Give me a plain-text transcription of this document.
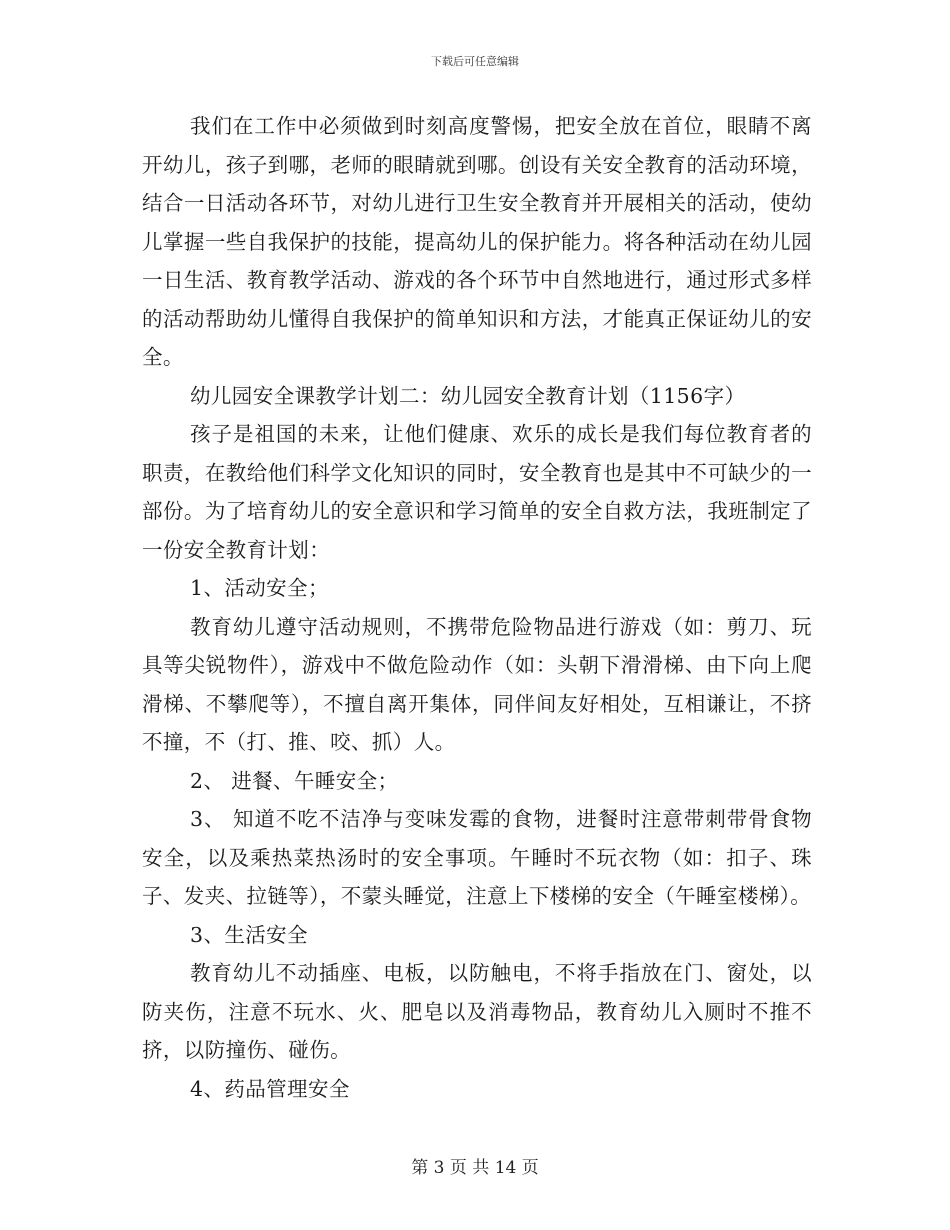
下载后可任意编辑

我们在工作中必须做到时刻高度警惕，把安全放在首位，眼睛不离开幼儿，孩子到哪，老师的眼睛就到哪。创设有关安全教育的活动环境，结合一日活动各环节，对幼儿进行卫生安全教育并开展相关的活动，使幼儿掌握一些自我保护的技能，提高幼儿的保护能力。将各种活动在幼儿园一日生活、教育教学活动、游戏的各个环节中自然地进行，通过形式多样的活动帮助幼儿懂得自我保护的简单知识和方法，才能真正保证幼儿的安全。

幼儿园安全课教学计划二：幼儿园安全教育计划（1156字）

孩子是祖国的未来，让他们健康、欢乐的成长是我们每位教育者的职责，在教给他们科学文化知识的同时，安全教育也是其中不可缺少的一部份。为了培育幼儿的安全意识和学习简单的安全自救方法，我班制定了一份安全教育计划：

1、活动安全；

教育幼儿遵守活动规则，不携带危险物品进行游戏（如：剪刀、玩具等尖锐物件），游戏中不做危险动作（如：头朝下滑滑梯、由下向上爬滑梯、不攀爬等），不擅自离开集体，同伴间友好相处，互相谦让，不挤不撞，不（打、推、咬、抓）人。

2、 进餐、午睡安全；

3、 知道不吃不洁净与变味发霉的食物，进餐时注意带刺带骨食物安全，以及乘热菜热汤时的安全事项。午睡时不玩衣物（如：扣子、珠子、发夹、拉链等），不蒙头睡觉，注意上下楼梯的安全（午睡室楼梯）。

3、生活安全

教育幼儿不动插座、电板，以防触电，不将手指放在门、窗处，以防夹伤，注意不玩水、火、肥皂以及消毒物品，教育幼儿入厕时不推不挤，以防撞伤、碰伤。

4、药品管理安全

第 3 页 共 14 页
